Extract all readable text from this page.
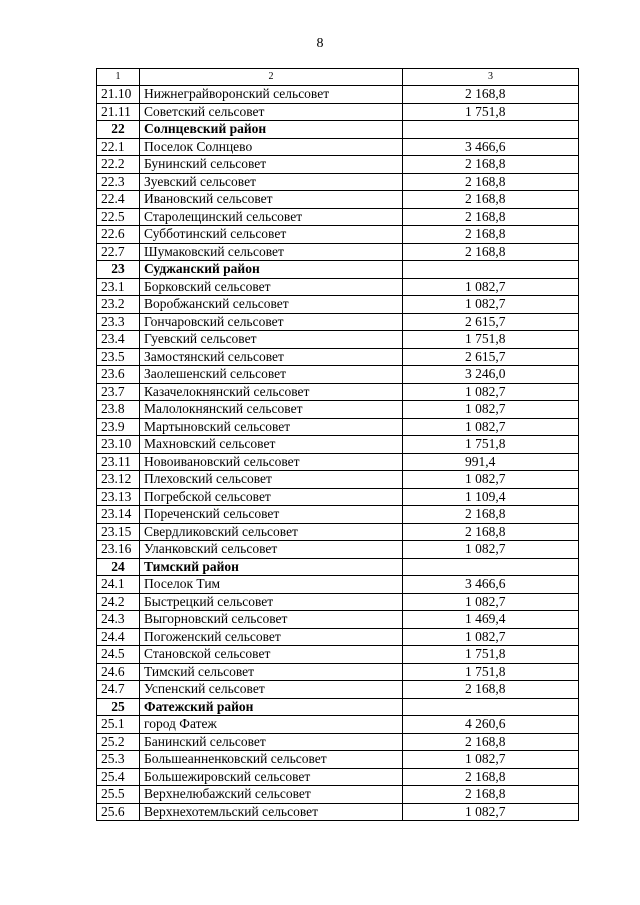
8
1	2	3
21.10	Нижнеграйворонский сельсовет	2 168,8
21.11	Советский сельсовет	1 751,8
22	Солнцевский район	
22.1	Поселок Солнцево	3 466,6
22.2	Бунинский сельсовет	2 168,8
22.3	Зуевский сельсовет	2 168,8
22.4	Ивановский сельсовет	2 168,8
22.5	Старолещинский сельсовет	2 168,8
22.6	Субботинский сельсовет	2 168,8
22.7	Шумаковский сельсовет	2 168,8
23	Суджанский район	
23.1	Борковский сельсовет	1 082,7
23.2	Воробжанский сельсовет	1 082,7
23.3	Гончаровский сельсовет	2 615,7
23.4	Гуевский сельсовет	1 751,8
23.5	Замостянский сельсовет	2 615,7
23.6	Заолешенский сельсовет	3 246,0
23.7	Казачелокнянский сельсовет	1 082,7
23.8	Малолокнянский сельсовет	1 082,7
23.9	Мартыновский сельсовет	1 082,7
23.10	Махновский сельсовет	1 751,8
23.11	Новоивановский сельсовет	991,4
23.12	Плеховский сельсовет	1 082,7
23.13	Погребской сельсовет	1 109,4
23.14	Пореченский сельсовет	2 168,8
23.15	Свердликовский сельсовет	2 168,8
23.16	Уланковский сельсовет	1 082,7
24	Тимский район	
24.1	Поселок Тим	3 466,6
24.2	Быстрецкий сельсовет	1 082,7
24.3	Выгорновский сельсовет	1 469,4
24.4	Погоженский сельсовет	1 082,7
24.5	Становской сельсовет	1 751,8
24.6	Тимский сельсовет	1 751,8
24.7	Успенский сельсовет	2 168,8
25	Фатежский район	
25.1	город Фатеж	4 260,6
25.2	Банинский сельсовет	2 168,8
25.3	Большеанненковский сельсовет	1 082,7
25.4	Большежировский сельсовет	2 168,8
25.5	Верхнелюбажский сельсовет	2 168,8
25.6	Верхнехотемльский сельсовет	1 082,7
